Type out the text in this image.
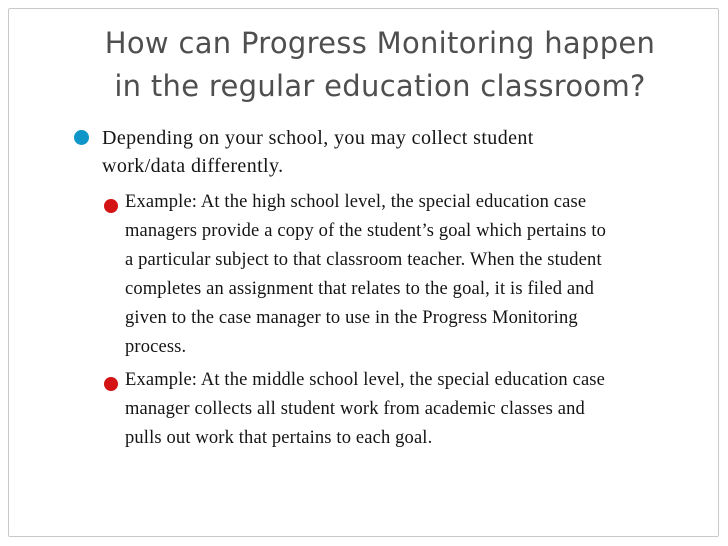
How can Progress Monitoring happen
in the regular education classroom?
Depending on your school, you may collect student
work/data differently.
Example: At the high school level, the special education case
managers provide a copy of the student’s goal which pertains to
a particular subject to that classroom teacher. When the student
completes an assignment that relates to the goal, it is filed and
given to the case manager to use in the Progress Monitoring
process.
Example: At the middle school level, the special education case
manager collects all student work from academic classes and
pulls out work that pertains to each goal.
